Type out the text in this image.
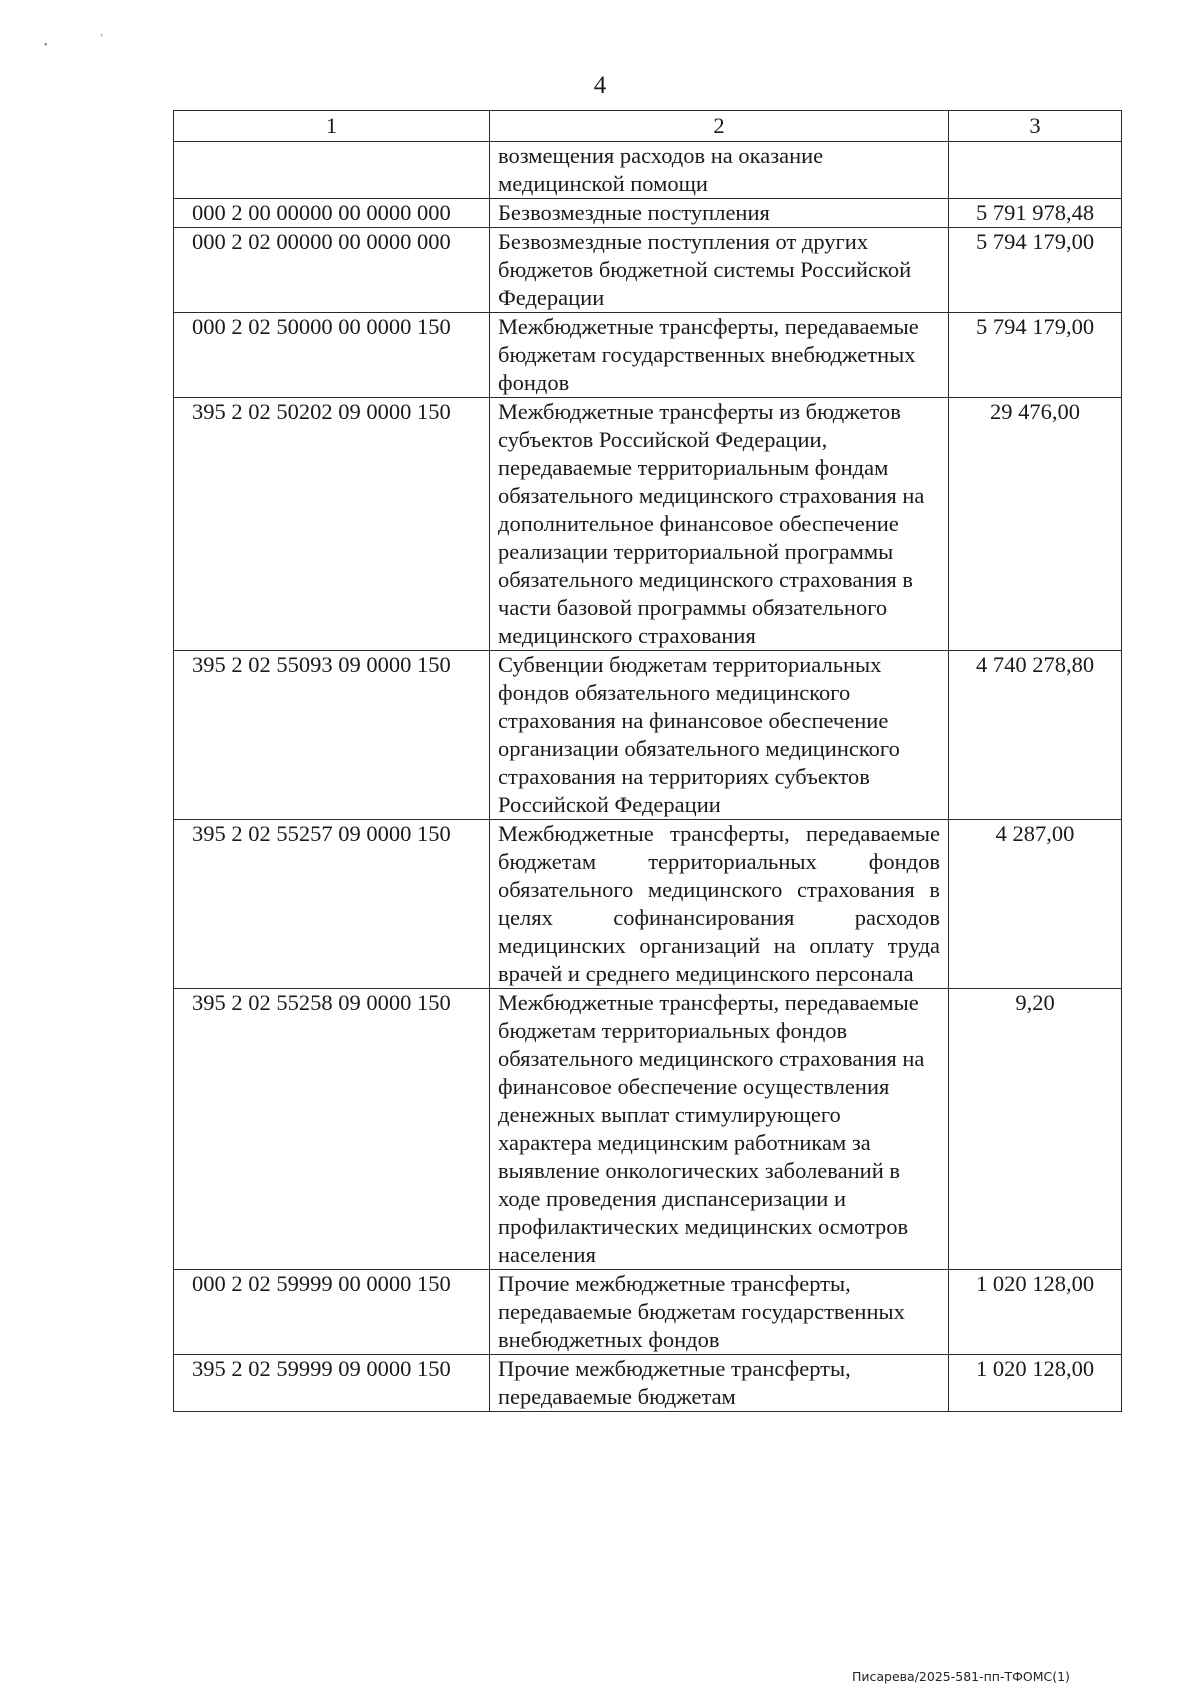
•
ʼ
4
1	2	3
	возмещения расходов на оказание медицинской помощи	
000 2 00 00000 00 0000 000	Безвозмездные поступления	5 791 978,48
000 2 02 00000 00 0000 000	Безвозмездные поступления от других бюджетов бюджетной системы Российской Федерации	5 794 179,00
000 2 02 50000 00 0000 150	Межбюджетные трансферты, передаваемые бюджетам государственных внебюджетных фондов	5 794 179,00
395 2 02 50202 09 0000 150	Межбюджетные трансферты из бюджетов субъектов Российской Федерации, передаваемые территориальным фондам обязательного медицинского страхования на дополнительное финансовое обеспечение реализации территориальной программы обязательного медицинского страхования в части базовой программы обязательного медицинского страхования	29 476,00
395 2 02 55093 09 0000 150	Субвенции бюджетам территориальных фондов обязательного медицинского страхования на финансовое обеспечение организации обязательного медицинского страхования на территориях субъектов Российской Федерации	4 740 278,80
395 2 02 55257 09 0000 150	Межбюджетные трансферты, передаваемые бюджетам территориальных фондов обязательного медицинского страхования в целях софинансирования расходов медицинских организаций на оплату труда врачей и среднего медицинского персонала	4 287,00
395 2 02 55258 09 0000 150	Межбюджетные трансферты, передаваемые бюджетам территориальных фондов обязательного медицинского страхования на финансовое обеспечение осуществления денежных выплат стимулирующего характера медицинским работникам за выявление онкологических заболеваний в ходе проведения диспансеризации и профилактических медицинских осмотров населения	9,20
000 2 02 59999 00 0000 150	Прочие межбюджетные трансферты, передаваемые бюджетам государственных внебюджетных фондов	1 020 128,00
395 2 02 59999 09 0000 150	Прочие межбюджетные трансферты, передаваемые бюджетам	1 020 128,00
Писарева/2025-581-пп-ТФОМС(1)
